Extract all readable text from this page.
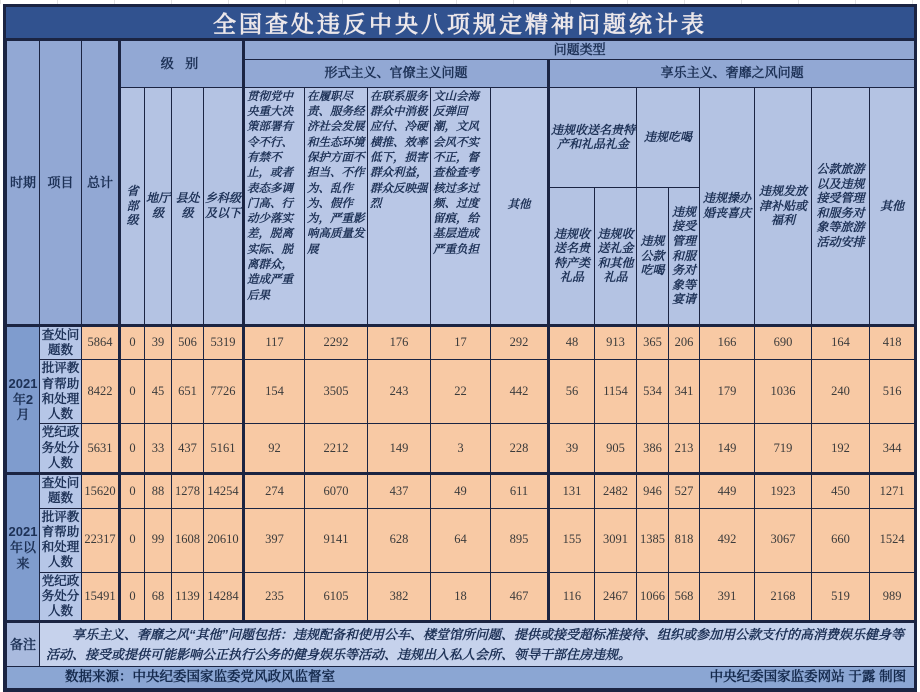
全国查处违反中央八项规定精神问题统计表
时期	项目	总计	级 别				问题类型												
							形式主义、官僚主义问题					享乐主义、奢靡之风问题							
			省部级	地厅级	县处级	乡科级及以下	贯彻党中央重大决策部署有令不行、有禁不止，或者表态多调门高、行动少落实差，脱离实际、脱离群众，造成严重后果	在履职尽责、服务经济社会发展和生态环境保护方面不担当、不作为、乱作为、假作为，严重影响高质量发展	在联系服务群众中消极应付、冷硬横推、效率低下，损害群众利益，群众反映强烈	文山会海反弹回潮，文风会风不实不正，督查检查考核过多过频、过度留痕，给基层造成严重负担	其他	违规收送名贵特产和礼品礼金		违规吃喝		违规操办婚丧喜庆	违规发放津补贴或福利	公款旅游以及违规接受管理和服务对象等旅游活动安排	其他
												违规收送名贵特产类礼品	违规收送礼金和其他礼品	违规公款吃喝	违规接受管理和服务对象等宴请				
2021年2月	查处问题数	5864	0	39	506	5319	117	2292	176	17	292	48	913	365	206	166	690	164	418
	批评教育帮助和处理人数	8422	0	45	651	7726	154	3505	243	22	442	56	1154	534	341	179	1036	240	516
	党纪政务处分人数	5631	0	33	437	5161	92	2212	149	3	228	39	905	386	213	149	719	192	344
2021年以来	查处问题数	15620	0	88	1278	14254	274	6070	437	49	611	131	2482	946	527	449	1923	450	1271
	批评教育帮助和处理人数	22317	0	99	1608	20610	397	9141	628	64	895	155	3091	1385	818	492	3067	660	1524
	党纪政务处分人数	15491	0	68	1139	14284	235	6105	382	18	467	116	2467	1066	568	391	2168	519	989
备注	享乐主义、奢靡之风“其他”问题包括：违规配备和使用公车、楼堂馆所问题、提供或接受超标准接待、组织或参加用公款支付的高消费娱乐健身等活动、接受或提供可能影响公正执行公务的健身娱乐等活动、违规出入私人会所、领导干部住房违规。																		

数据来源：中央纪委国家监委党风政风监督室 中央纪委国家监委网站 于露 制图																			
